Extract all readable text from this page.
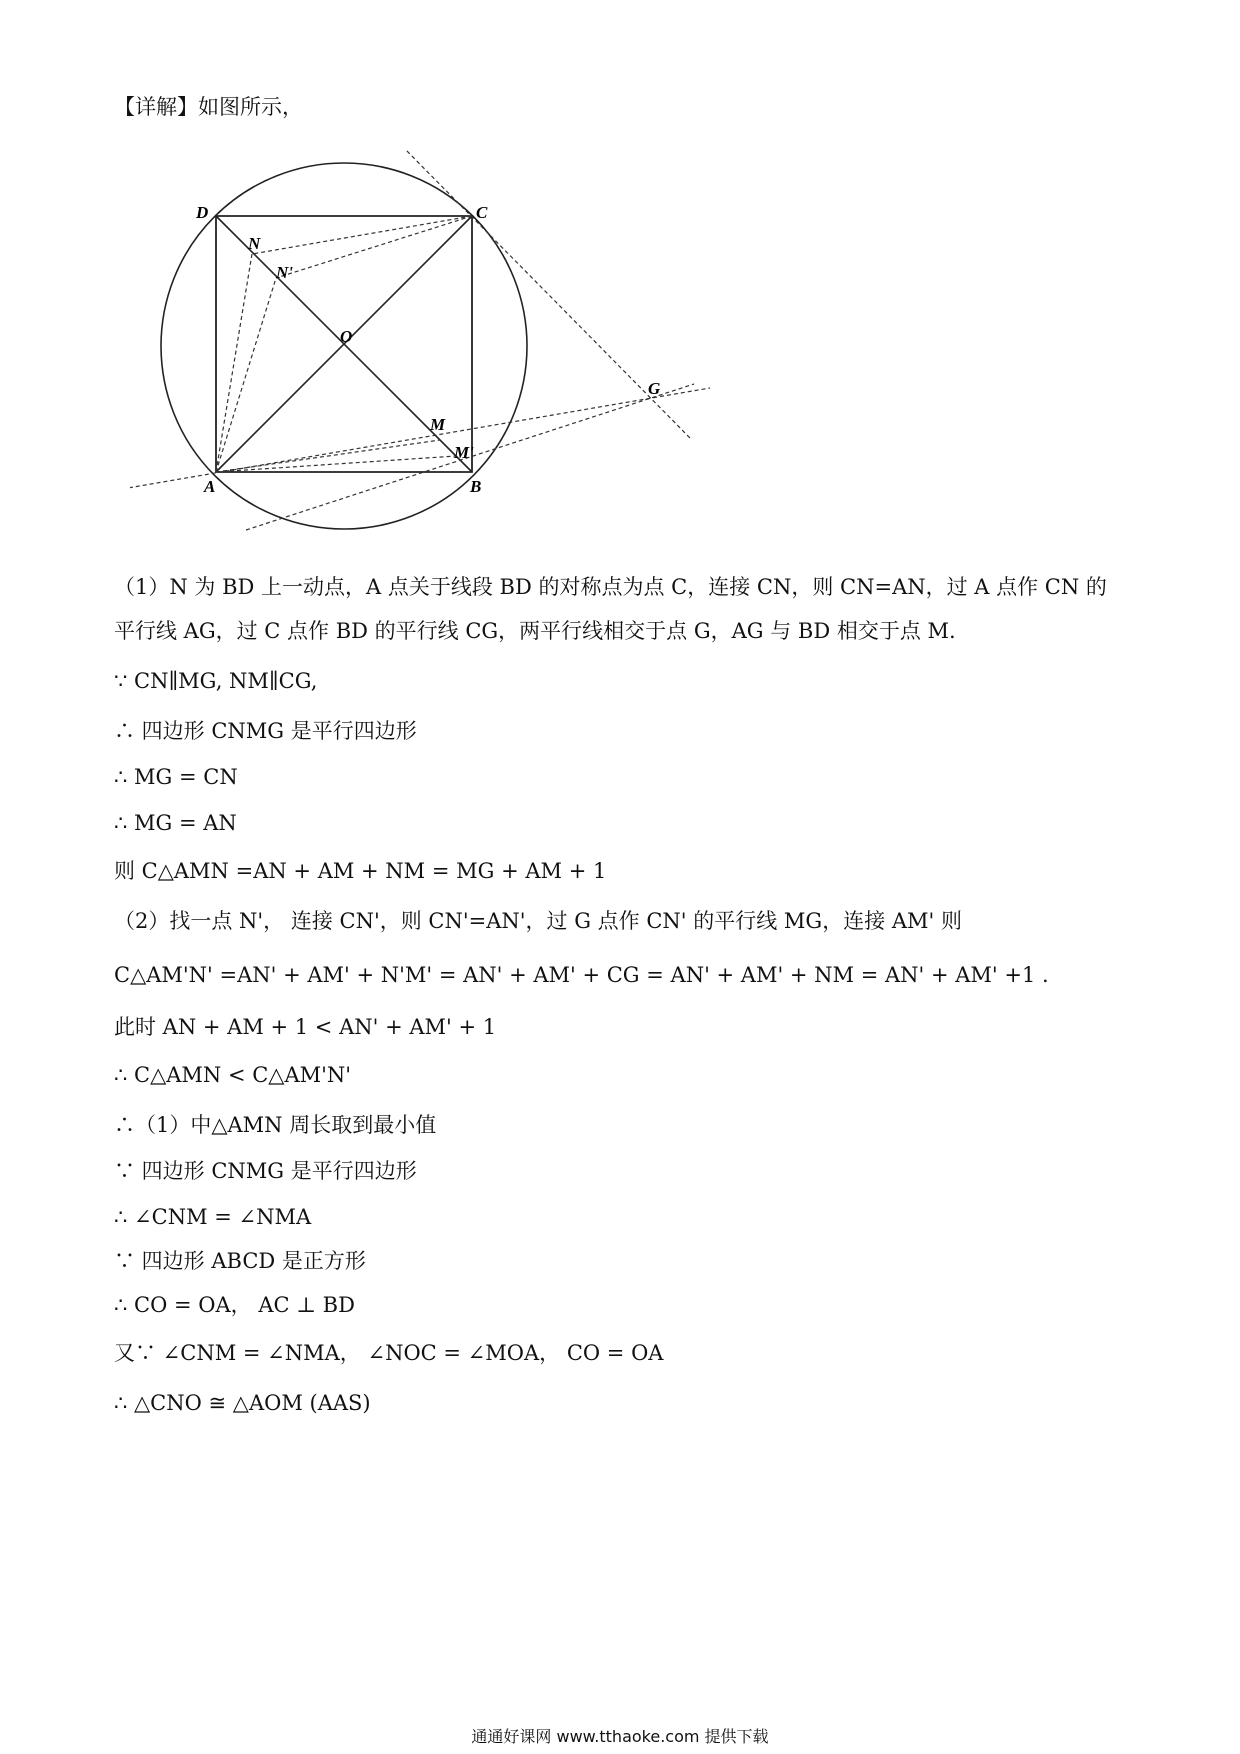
【详解】如图所示，

D	C
N
N'
O
G
M
M'
A	B

（1）N 为 BD 上一动点，A 点关于线段 BD 的对称点为点 C，连接 CN，则 CN=AN，过 A 点作 CN 的

平行线 AG，过 C 点作 BD 的平行线 CG，两平行线相交于点 G，AG 与 BD 相交于点 M.

∵ CN∥MG, NM∥CG,

∴ 四边形 CNMG 是平行四边形

∴ MG = CN

∴ MG = AN

则 C△AMN =AN + AM + NM = MG + AM + 1

（2）找一点 N'， 连接 CN'，则 CN'=AN'，过 G 点作 CN' 的平行线 MG，连接 AM' 则

C△AM'N' =AN' + AM' + N'M' = AN' + AM' + CG = AN' + AM' + NM = AN' + AM' +1 .

此时 AN + AM + 1 < AN' + AM' + 1

∴ C△AMN < C△AM'N'

∴（1）中△AMN 周长取到最小值

∵ 四边形 CNMG 是平行四边形

∴ ∠CNM = ∠NMA

∵ 四边形 ABCD 是正方形

∴ CO = OA， AC ⊥ BD

又∵ ∠CNM = ∠NMA， ∠NOC = ∠MOA， CO = OA

∴ △CNO ≅ △AOM (AAS)

通通好课网 www.tthaoke.com 提供下载
